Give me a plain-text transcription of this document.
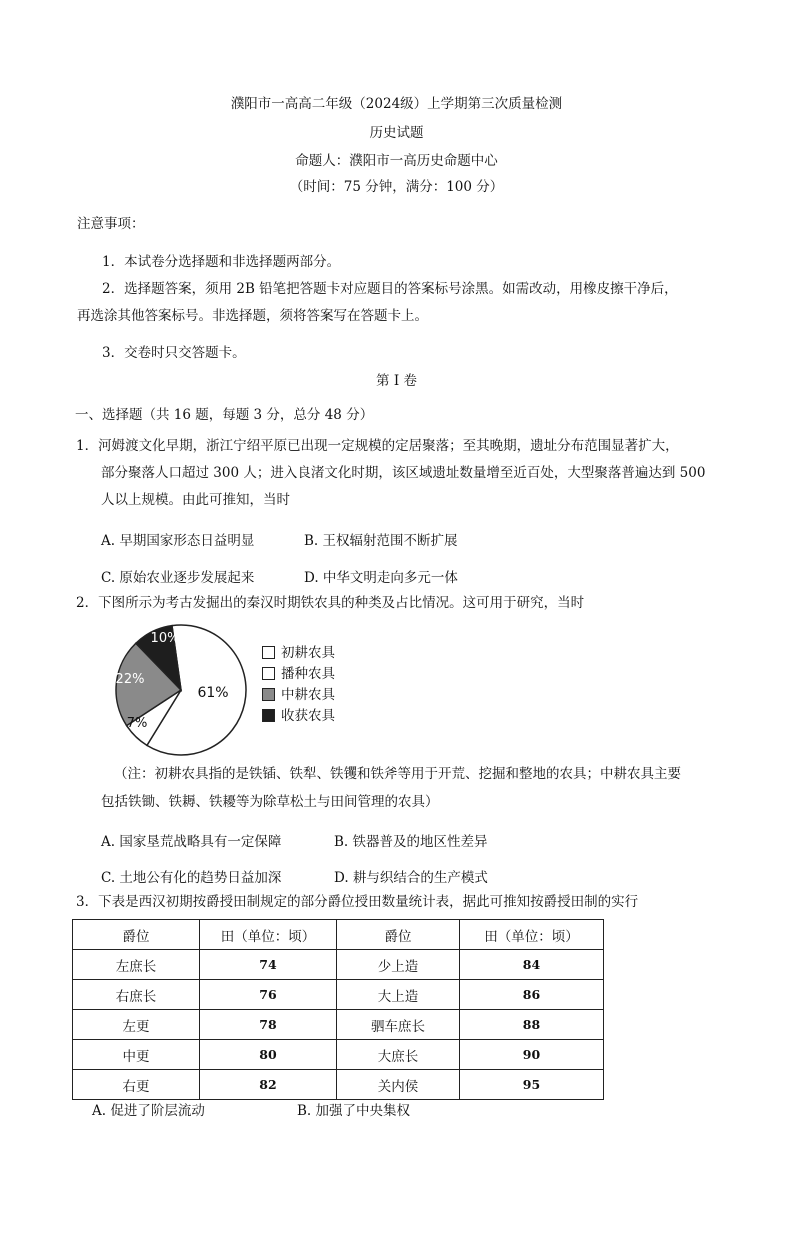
濮阳市一高高二年级（2024级）上学期第三次质量检测
历史试题
命题人：濮阳市一高历史命题中心
（时间：75 分钟，满分：100 分）
注意事项：
1．本试卷分选择题和非选择题两部分。
2．选择题答案，须用 2B 铅笔把答题卡对应题目的答案标号涂黑。如需改动，用橡皮擦干净后，
再选涂其他答案标号。非选择题，须将答案写在答题卡上。
3．交卷时只交答题卡。
第 I 卷
一、选择题（共 16 题，每题 3 分，总分 48 分）
1．河姆渡文化早期，浙江宁绍平原已出现一定规模的定居聚落；至其晚期，遗址分布范围显著扩大，
部分聚落人口超过 300 人；进入良渚文化时期，该区域遗址数量增至近百处，大型聚落普遍达到 500
人以上规模。由此可推知，当时
A. 早期国家形态日益明显	B. 王权辐射范围不断扩展
C. 原始农业逐步发展起来	D. 中华文明走向多元一体
2．下图所示为考古发掘出的秦汉时期铁农具的种类及占比情况。这可用于研究，当时
61%
7%
22%
10%
初耕农具
播种农具
中耕农具
收获农具
（注：初耕农具指的是铁锸、铁犁、铁䦆和铁斧等用于开荒、挖掘和整地的农具；中耕农具主要
包括铁锄、铁耨、铁耰等为除草松土与田间管理的农具）
A. 国家垦荒战略具有一定保障	B. 铁器普及的地区性差异
C. 土地公有化的趋势日益加深	D. 耕与织结合的生产模式
3．下表是西汉初期按爵授田制规定的部分爵位授田数量统计表，据此可推知按爵授田制的实行
爵位	田（单位：顷）	爵位	田（单位：顷）
左庶长	74	少上造	84
右庶长	76	大上造	86
左更	78	驷车庶长	88
中更	80	大庶长	90
右更	82	关内侯	95
A. 促进了阶层流动	B. 加强了中央集权
